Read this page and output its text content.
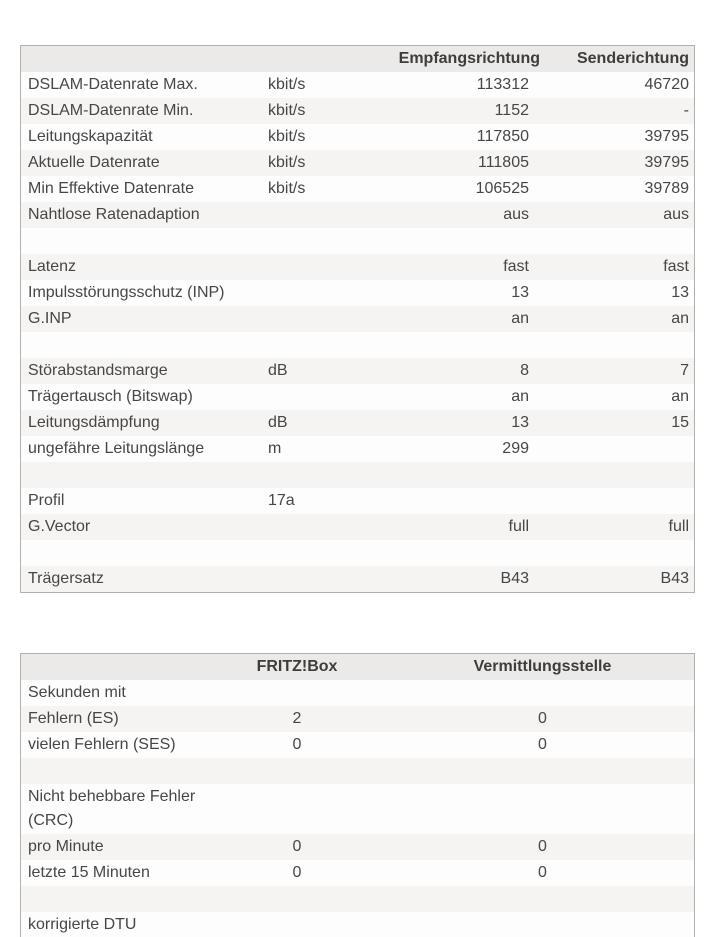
		Empfangsrichtung	Senderichtung
DSLAM-Datenrate Max.	kbit/s	113312	46720
DSLAM-Datenrate Min.	kbit/s	1152	-
Leitungskapazität	kbit/s	117850	39795
Aktuelle Datenrate	kbit/s	111805	39795
Min Effektive Datenrate	kbit/s	106525	39789
Nahtlose Ratenadaption		aus	aus

Latenz		fast	fast
Impulsstörungsschutz (INP)		13	13
G.INP		an	an

Störabstandsmarge	dB	8	7
Trägertausch (Bitswap)		an	an
Leitungsdämpfung	dB	13	15
ungefähre Leitungslänge	m	299	

Profil	17a		
G.Vector		full	full

Trägersatz		B43	B43
	FRITZ!Box	Vermittlungsstelle
Sekunden mit		
Fehlern (ES)	2	0
vielen Fehlern (SES)	0	0

Nicht behebbare Fehler (CRC)		
pro Minute	0	0
letzte 15 Minuten	0	0

korrigierte DTU		
